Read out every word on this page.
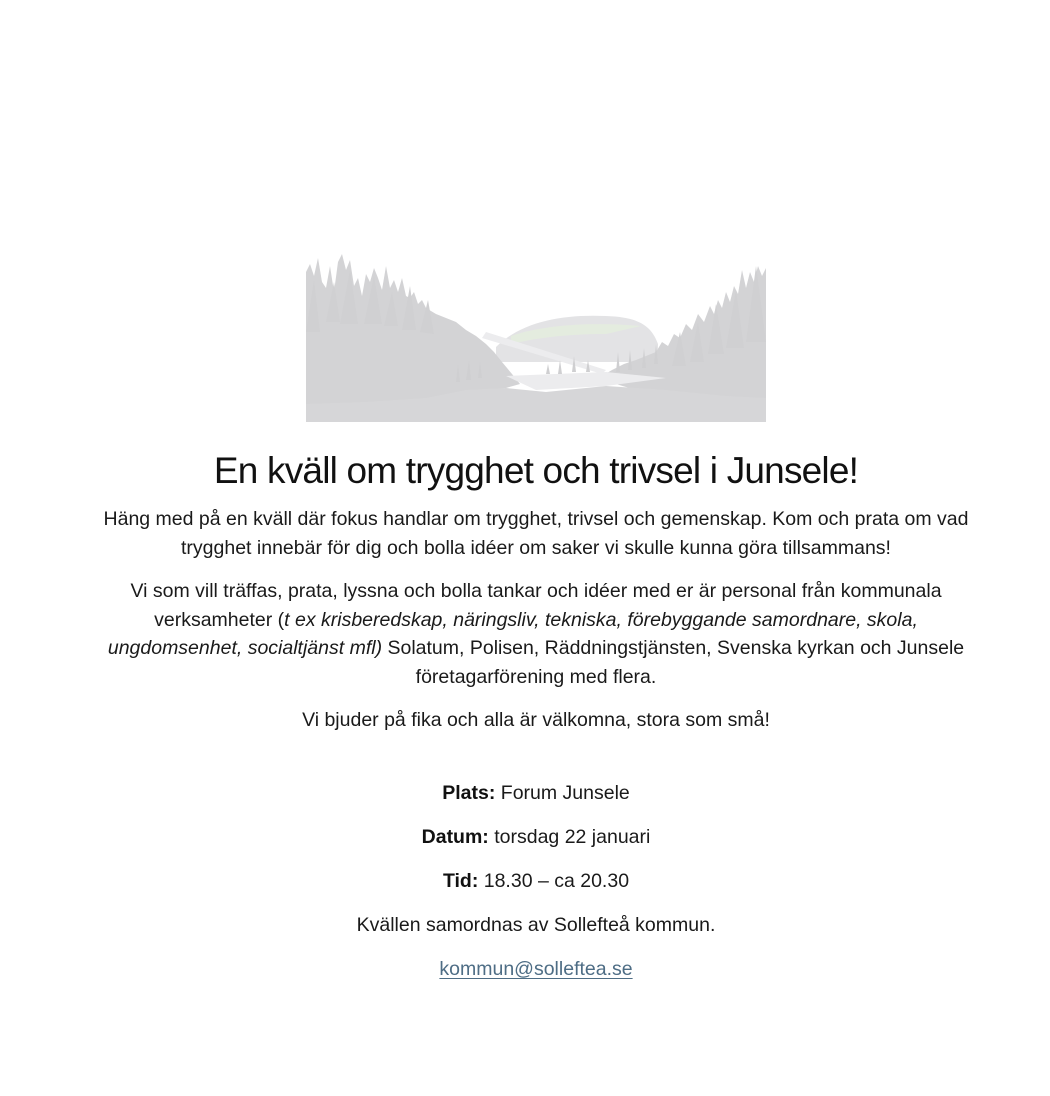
En kväll om trygghet och trivsel i Junsele!

Häng med på en kväll där fokus handlar om trygghet, trivsel och gemenskap. Kom och prata om vad trygghet innebär för dig och bolla idéer om saker vi skulle kunna göra tillsammans!

Vi som vill träffas, prata, lyssna och bolla tankar och idéer med er är personal från kommunala verksamheter (t ex krisberedskap, näringsliv, tekniska, förebyggande samordnare, skola, ungdomsenhet, socialtjänst mfl) Solatum, Polisen, Räddningstjänsten, Svenska kyrkan och Junsele företagarförening med flera.

Vi bjuder på fika och alla är välkomna, stora som små!

Plats: Forum Junsele

Datum: torsdag 22 januari

Tid: 18.30 – ca 20.30

Kvällen samordnas av Sollefteå kommun.

kommun@solleftea.se
